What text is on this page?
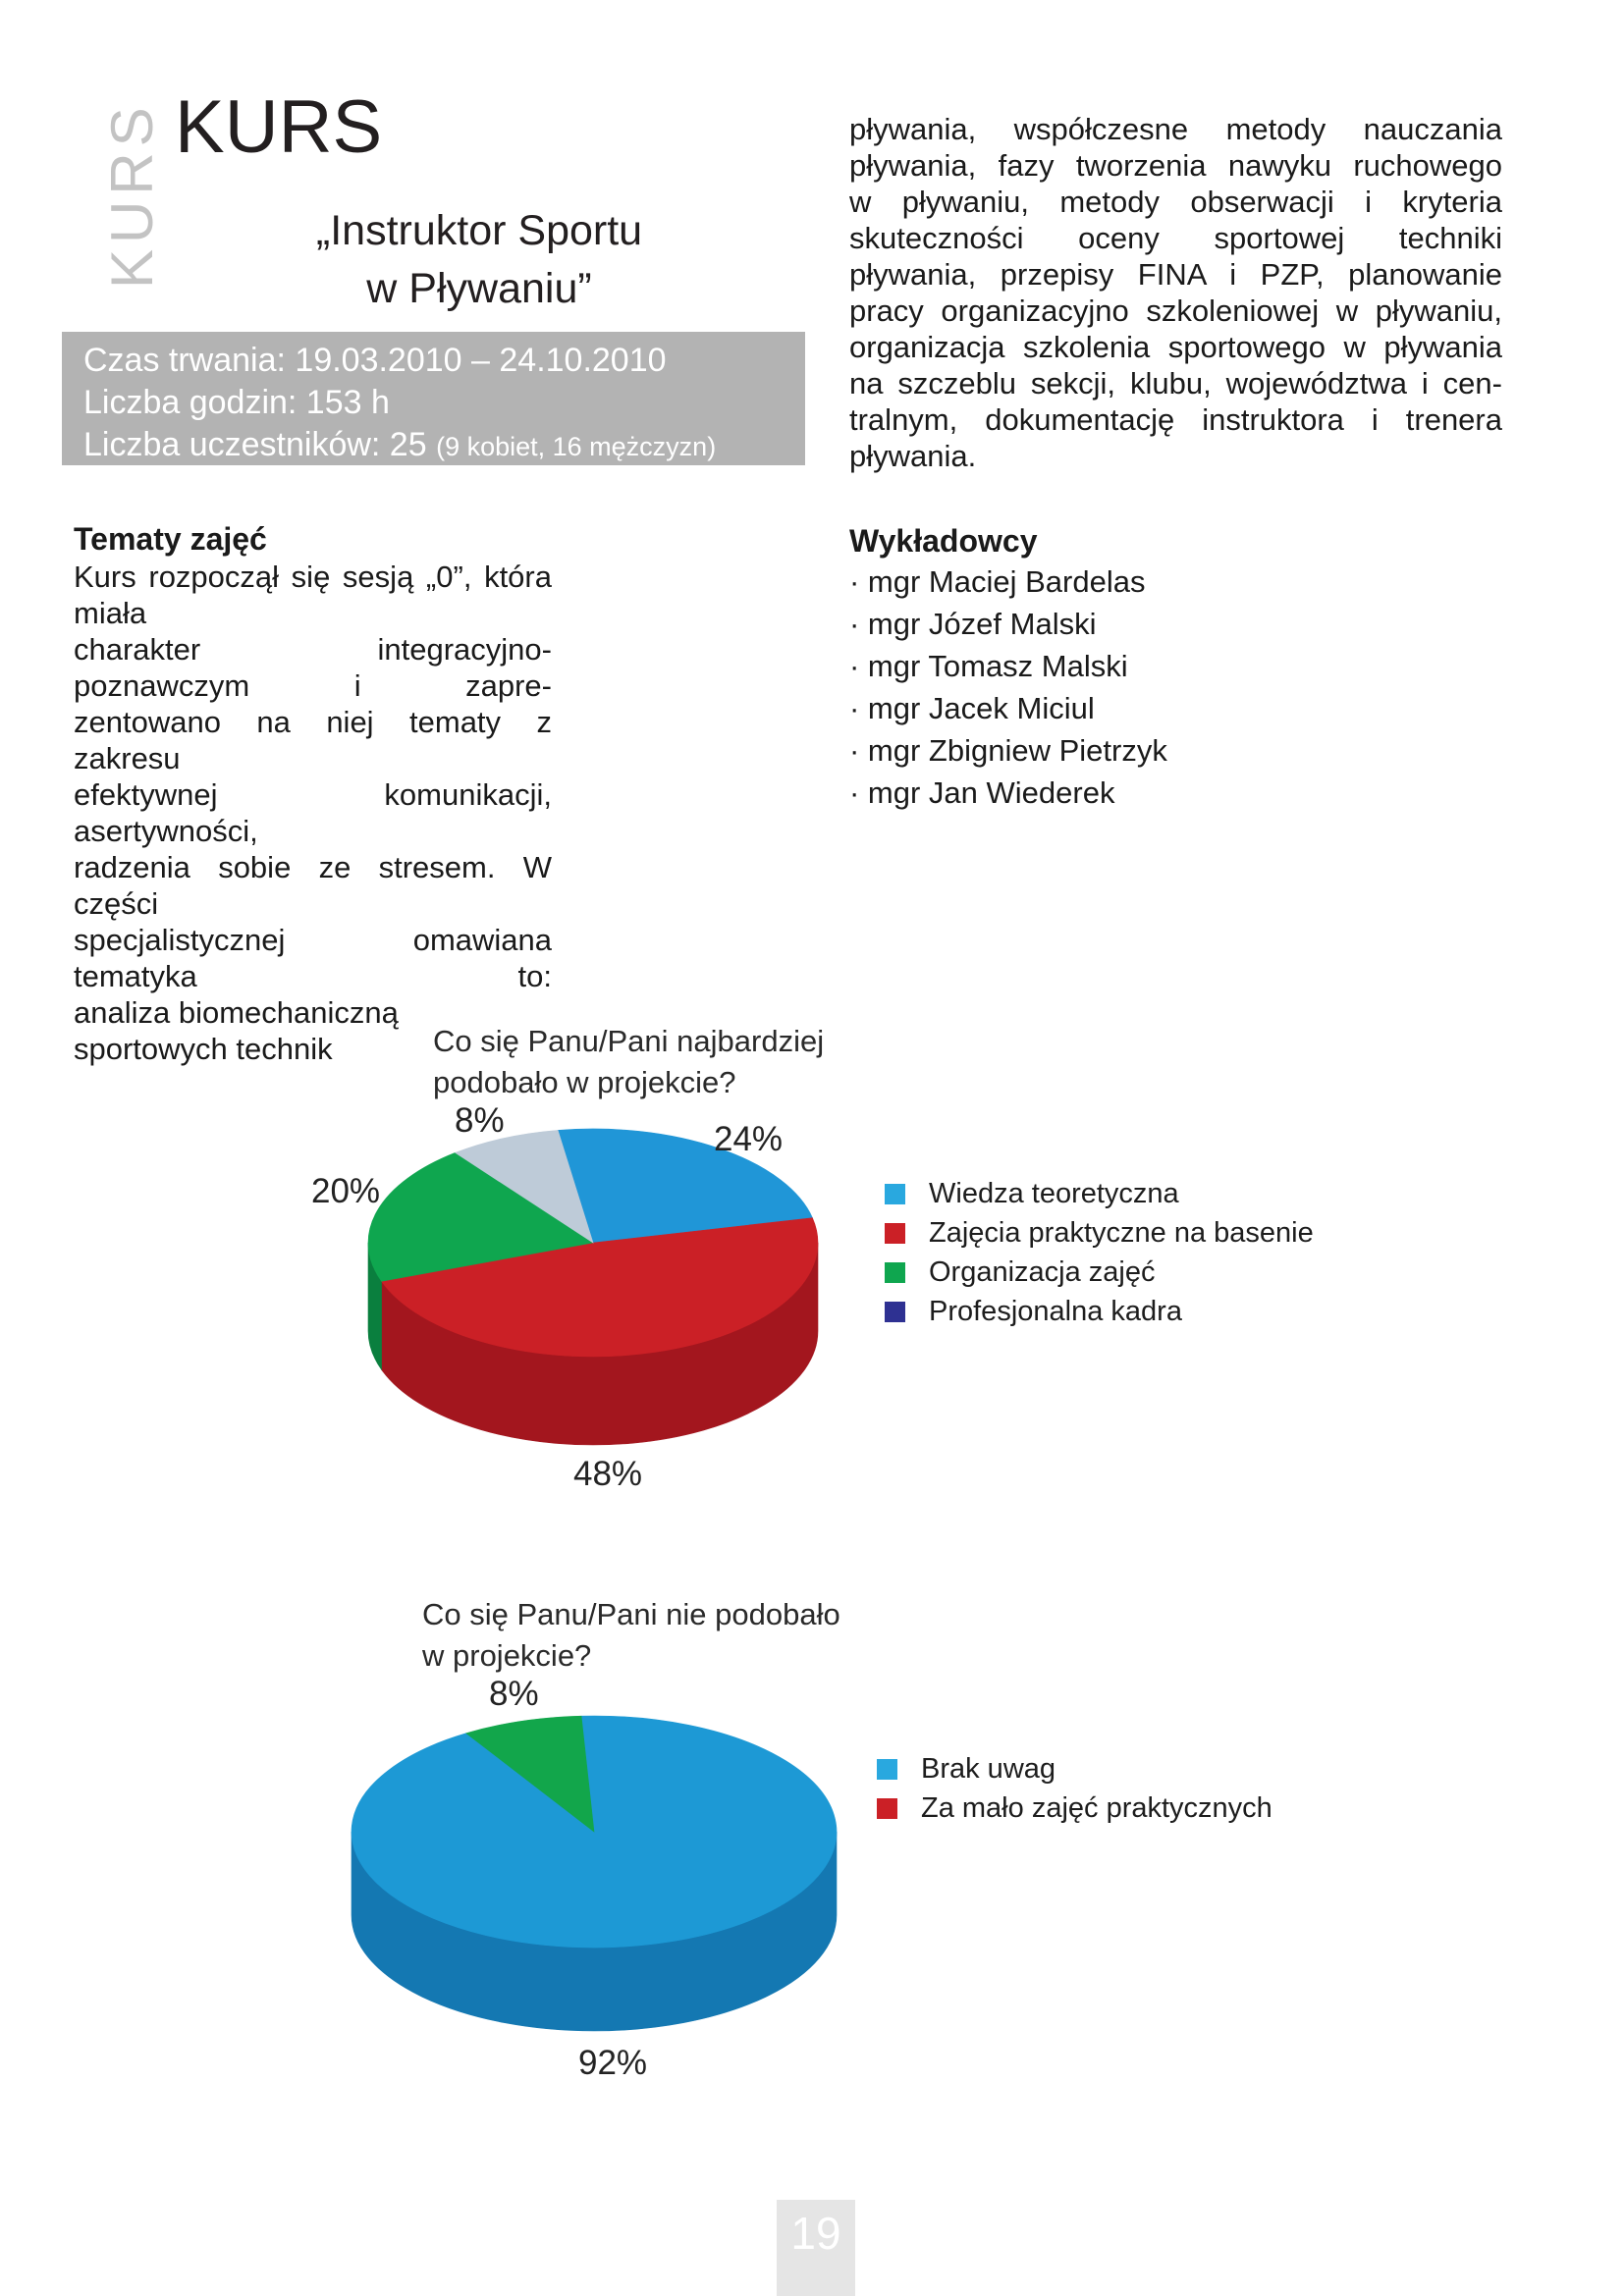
KURS KURS
„Instruktor Sportu
w Pływaniu”
Czas trwania: 19.03.2010 – 24.10.2010
Liczba godzin: 153 h
Liczba uczestników: 25 (9 kobiet, 16 mężczyzn)
Tematy zajęć
Kurs rozpoczął się sesją „0”, która miała
charakter integracyjno-poznawczym i zapre-
zentowano na niej tematy z zakresu
efektywnej komunikacji, asertywności,
radzenia sobie ze stresem. W części
specjalistycznej omawiana tematyka to:
analiza biomechaniczną sportowych technik
pływania, współczesne metody nauczania
pływania, fazy tworzenia nawyku ruchowego
w pływaniu, metody obserwacji i kryteria
skuteczności oceny sportowej techniki
pływania, przepisy FINA i PZP, planowanie
pracy organizacyjno szkoleniowej w pływaniu,
organizacja szkolenia sportowego w pływania
na szczeblu sekcji, klubu, województwa i cen-
tralnym, dokumentację instruktora i trenera
pływania.
Wykładowcy
· mgr Maciej Bardelas
· mgr Józef Malski
· mgr Tomasz Malski
· mgr Jacek Miciul
· mgr Zbigniew Pietrzyk
· mgr Jan Wiederek
Co się Panu/Pani najbardziej
podobało w projekcie?
24%
48%
20%
8%
Wiedza teoretyczna
Zajęcia praktyczne na basenie
Organizacja zajęć
Profesjonalna kadra
Co się Panu/Pani nie podobało
w projekcie?
92%
8%
Brak uwag
Za mało zajęć praktycznych
19
